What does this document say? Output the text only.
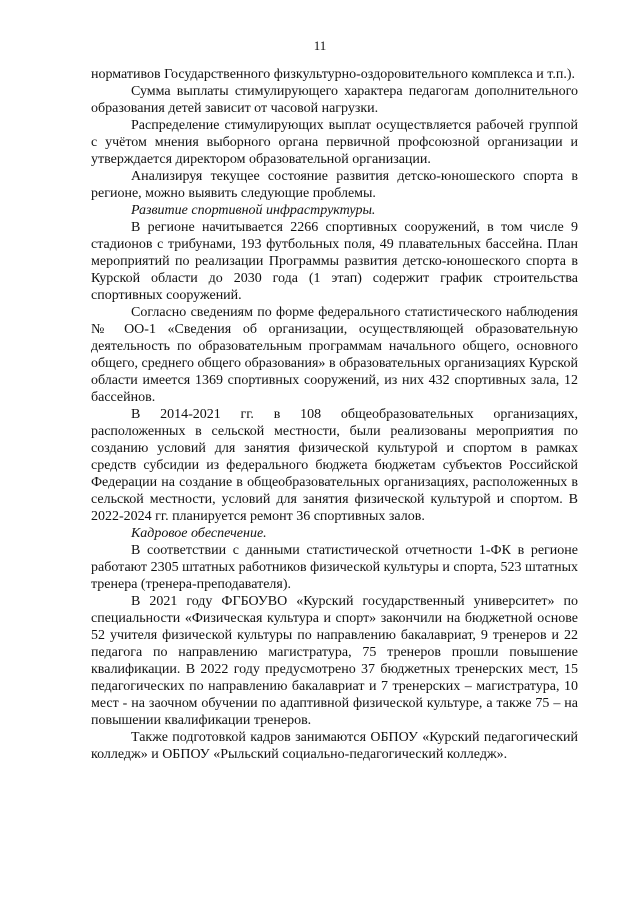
11

нормативов Государственного физкультурно-оздоровительного комплекса и т.п.).

Сумма выплаты стимулирующего характера педагогам дополнительного образования детей зависит от часовой нагрузки.

Распределение стимулирующих выплат осуществляется рабочей группой с учётом мнения выборного органа первичной профсоюзной организации и утверждается директором образовательной организации.

Анализируя текущее состояние развития детско-юношеского спорта в регионе, можно выявить следующие проблемы.

Развитие спортивной инфраструктуры.

В регионе начитывается 2266 спортивных сооружений, в том числе 9 стадионов с трибунами, 193 футбольных поля, 49 плавательных бассейна. План мероприятий по реализации Программы развития детско-юношеского спорта в Курской области до 2030 года (1 этап) содержит график строительства спортивных сооружений.

Согласно сведениям по форме федерального статистического наблюдения № ОО-1 «Сведения об организации, осуществляющей образовательную деятельность по образовательным программам начального общего, основного общего, среднего общего образования» в образовательных организациях Курской области имеется 1369 спортивных сооружений, из них 432 спортивных зала, 12 бассейнов.

В 2014-2021 гг. в 108 общеобразовательных организациях, расположенных в сельской местности, были реализованы мероприятия по созданию условий для занятия физической культурой и спортом в рамках средств субсидии из федерального бюджета бюджетам субъектов Российской Федерации на создание в общеобразовательных организациях, расположенных в сельской местности, условий для занятия физической культурой и спортом. В 2022-2024 гг. планируется ремонт 36 спортивных залов.

Кадровое обеспечение.

В соответствии с данными статистической отчетности 1-ФК в регионе работают 2305 штатных работников физической культуры и спорта, 523 штатных тренера (тренера-преподавателя).

В 2021 году ФГБОУВО «Курский государственный университет» по специальности «Физическая культура и спорт» закончили на бюджетной основе 52 учителя физической культуры по направлению бакалавриат, 9 тренеров и 22 педагога по направлению магистратура, 75 тренеров прошли повышение квалификации. В 2022 году предусмотрено 37 бюджетных тренерских мест, 15 педагогических по направлению бакалавриат и 7 тренерских – магистратура, 10 мест - на заочном обучении по адаптивной физической культуре, а также 75 – на повышении квалификации тренеров.

Также подготовкой кадров занимаются ОБПОУ «Курский педагогический колледж» и ОБПОУ «Рыльский социально-педагогический колледж».
